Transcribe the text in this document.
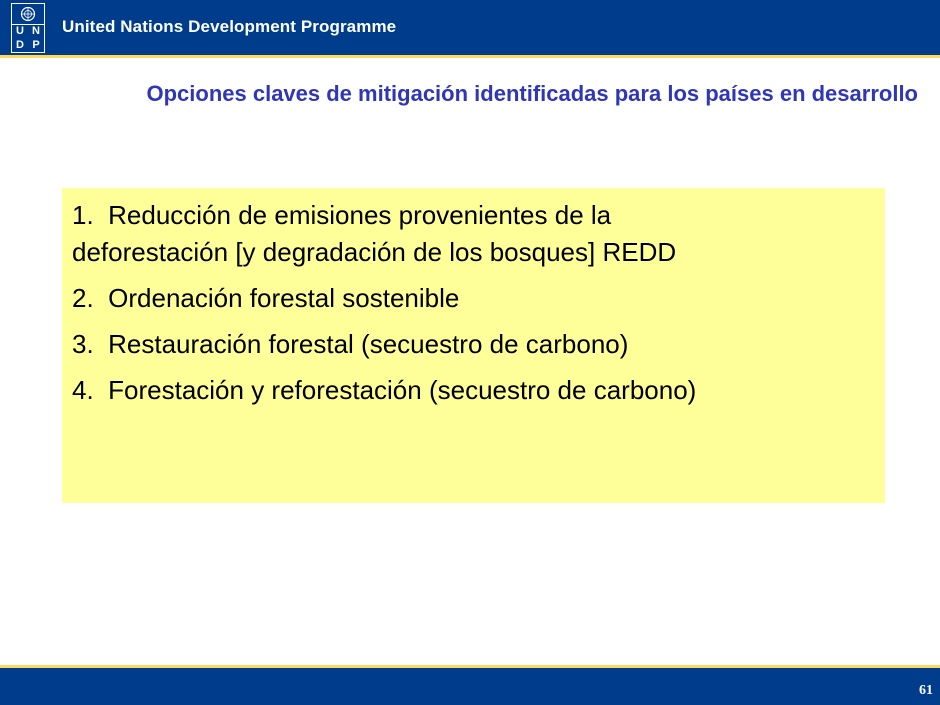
U N
D P
United Nations Development Programme
Opciones claves de mitigación identificadas para los países en desarrollo
1. Reducción de emisiones provenientes de la
deforestación [y degradación de los bosques] REDD
2. Ordenación forestal sostenible
3. Restauración forestal (secuestro de carbono)
4. Forestación y reforestación (secuestro de carbono)
61
